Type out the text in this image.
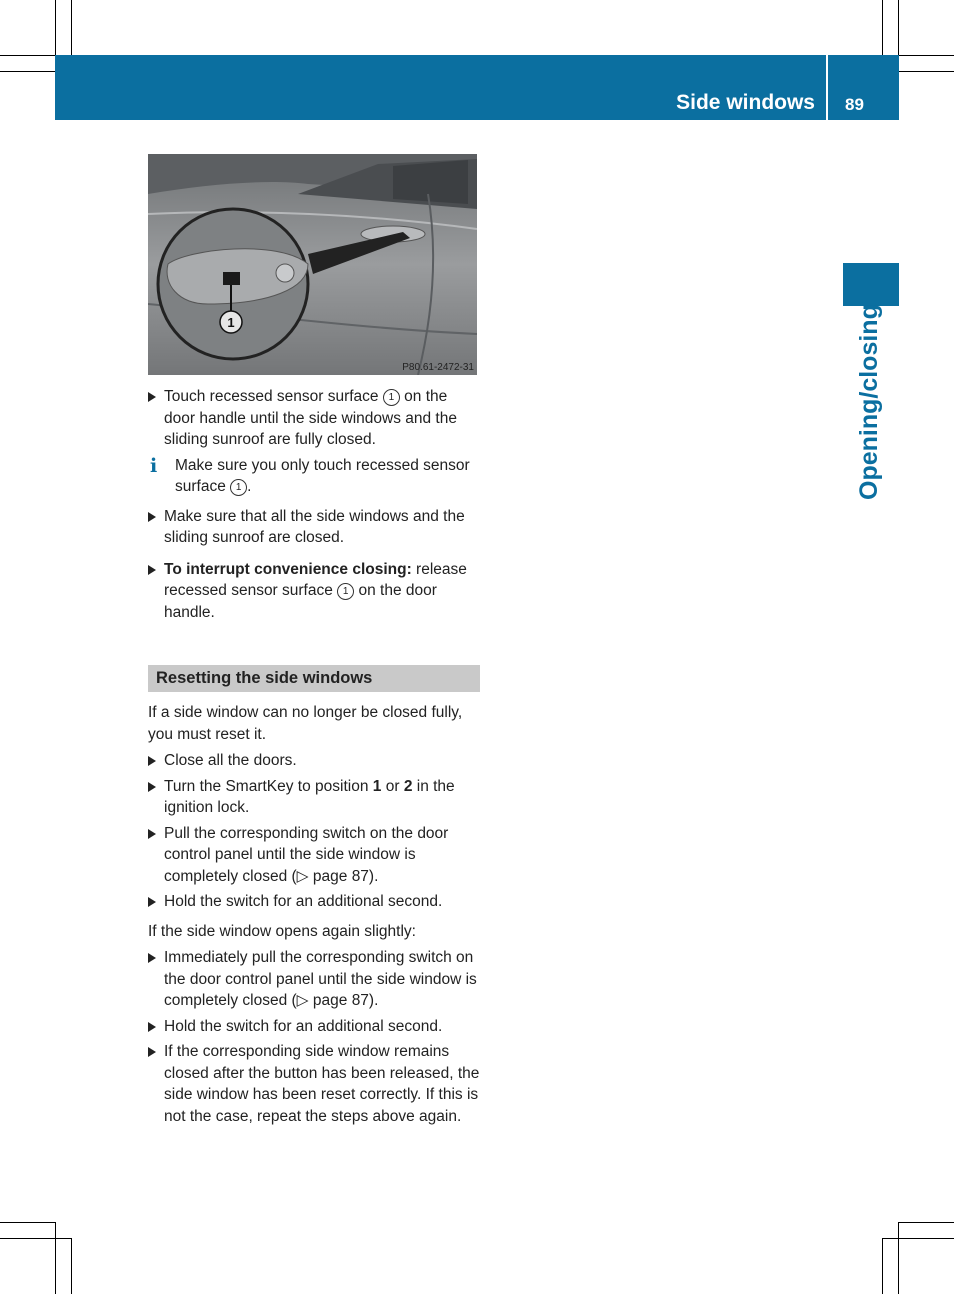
Side windows 89
Opening/closing
1
P80.61-2472-31
Touch recessed sensor surface 1 on the door handle until the side windows and the sliding sunroof are fully closed.
i Make sure you only touch recessed sensor surface 1 .
Make sure that all the side windows and the sliding sunroof are closed.
To interrupt convenience closing: release recessed sensor surface 1 on the door handle.
Resetting the side windows
If a side window can no longer be closed fully, you must reset it.
Close all the doors.
Turn the SmartKey to position 1 or 2 in the ignition lock.
Pull the corresponding switch on the door control panel until the side window is completely closed (▷ page 87).
Hold the switch for an additional second.
If the side window opens again slightly:
Immediately pull the corresponding switch on the door control panel until the side window is completely closed (▷ page 87).
Hold the switch for an additional second.
If the corresponding side window remains closed after the button has been released, the side window has been reset correctly. If this is not the case, repeat the steps above again.
